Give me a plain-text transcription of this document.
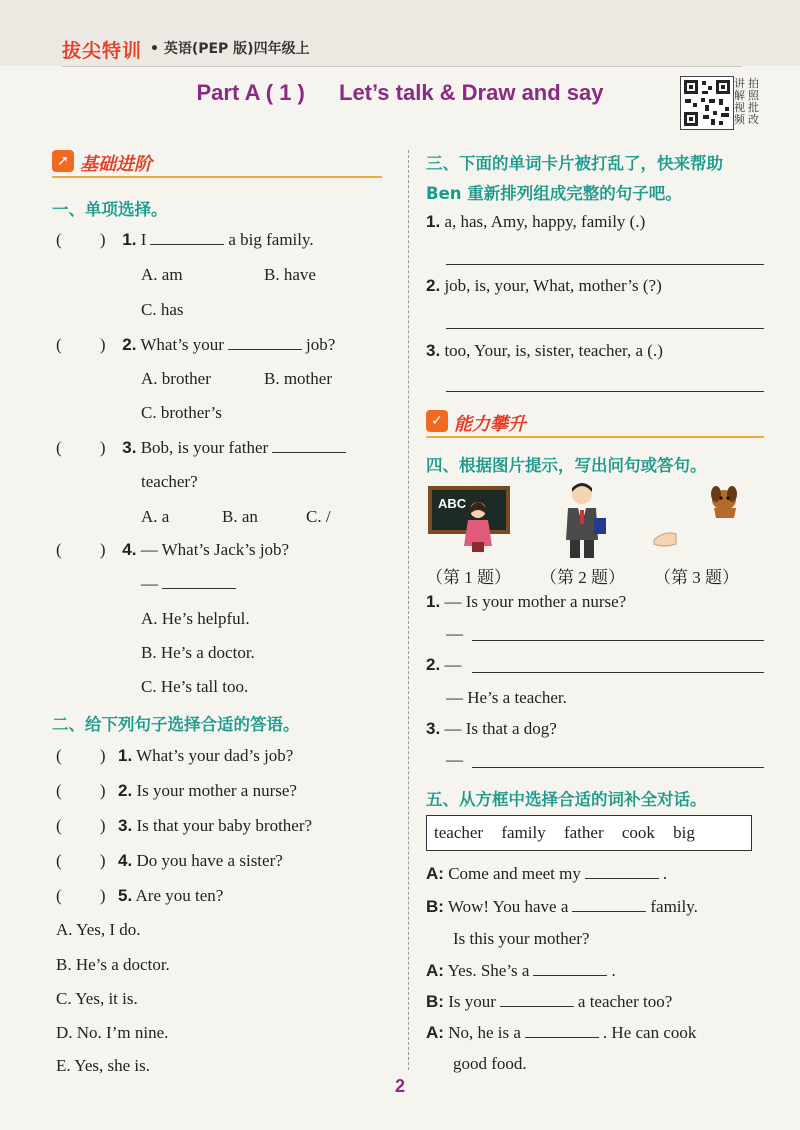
拔尖特训 • 英语(PEP 版)四年级上
Part A ( 1 ) Let’s talk & Draw and say	讲
解
视
频
拍
照
批
改
➚ 基础进阶
一、单项选择。
(         ) 1. I	a big family.
A. am	B. have
C. has
(         ) 2. What’s your	job?
A. brother	B. mother
C. brother’s
(         ) 3. Bob, is your father
teacher?
A. a	B. an	C. /
(         ) 4. — What’s Jack’s job?
—
A. He’s helpful.
B. He’s a doctor.
C. He’s tall too.
二、给下列句子选择合适的答语。
(         ) 1. What’s your dad’s job?
(         ) 2. Is your mother a nurse?
(         ) 3. Is that your baby brother?
(         ) 4. Do you have a sister?
(         ) 5. Are you ten?
A. Yes, I do.
B. He’s a doctor.
C. Yes, it is.
D. No. I’m nine.
E. Yes, she is.
三、下面的单词卡片被打乱了，快来帮助
Ben 重新排列组成完整的句子吧。
1. a, has, Amy, happy, family (.)
2. job, is, your, What, mother’s (?)
3. too, Your, is, sister, teacher, a (.)
✓ 能力攀升
四、根据图片提示，写出问句或答句。
ABC
（第 1 题） （第 2 题） （第 3 题）
1. — Is your mother a nurse?
—
2. —
— He’s a teacher.
3. — Is that a dog?
—
五、从方框中选择合适的词补全对话。
teacher family father cook big
A: Come and meet my	.
B: Wow! You have a	family.
Is this your mother?
A: Yes. She’s a	.
B: Is your	a teacher too?
A: No, he is a	. He can cook
good food.
2
